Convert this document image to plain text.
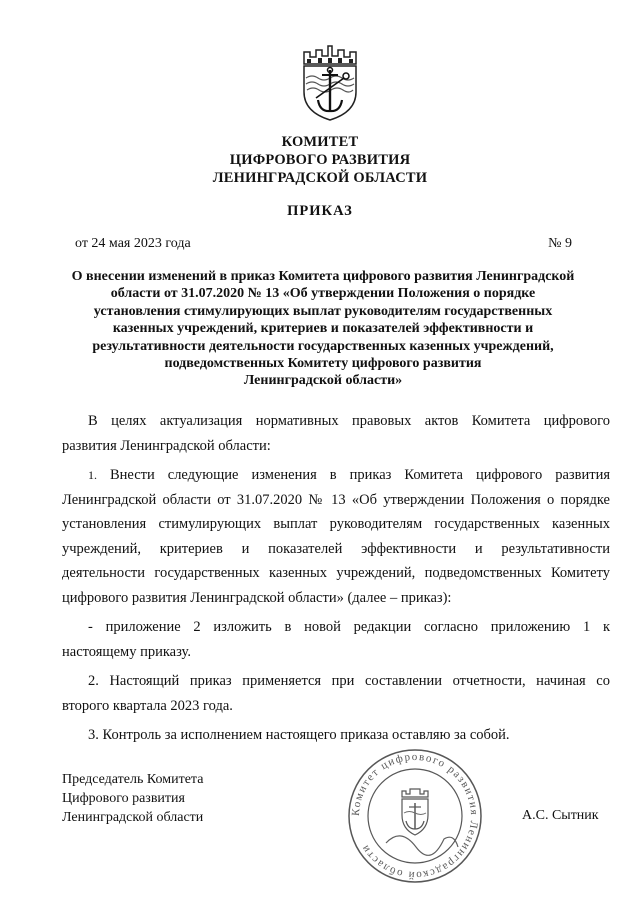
КОМИТЕТ
ЦИФРОВОГО РАЗВИТИЯ
ЛЕНИНГРАДСКОЙ ОБЛАСТИ
ПРИКАЗ
от 24 мая 2023 года	№ 9
О внесении изменений в приказ Комитета цифрового развития Ленинградской
области от 31.07.2020 № 13 «Об утверждении Положения о порядке
установления стимулирующих выплат руководителям государственных
казенных учреждений, критериев и показателей эффективности и
результативности деятельности государственных казенных учреждений,
подведомственных Комитету цифрового развития
Ленинградской области»
В целях актуализация нормативных правовых актов Комитета цифрового
развития Ленинградской области:
1. Внести следующие изменения в приказ Комитета цифрового развития
Ленинградской области от 31.07.2020 № 13 «Об утверждении Положения о порядке
установления стимулирующих выплат руководителям государственных казенных
учреждений, критериев и показателей эффективности и результативности
деятельности государственных казенных учреждений, подведомственных Комитету
цифрового развития Ленинградской области» (далее – приказ):
- приложение 2 изложить в новой редакции согласно приложению 1 к
настоящему приказу.
2. Настоящий приказ применяется при составлении отчетности, начиная со
второго квартала 2023 года.
3. Контроль за исполнением настоящего приказа оставляю за собой.
Комитет цифрового развития Ленинградской области
Председатель Комитета
Цифрового развития
Ленинградской области	А.С. Сытник
